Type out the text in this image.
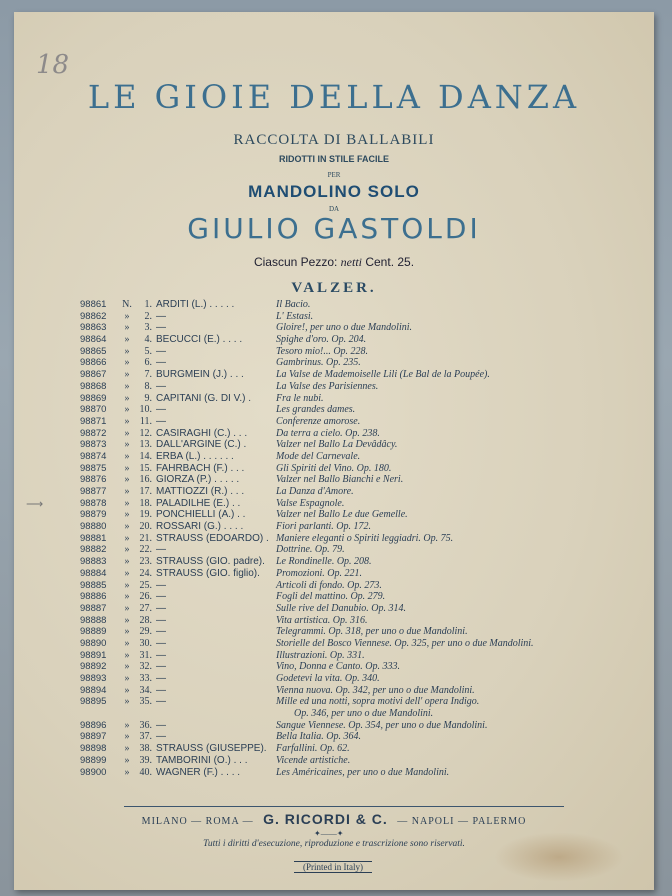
18
LE GIOIE DELLA DANZA
RACCOLTA DI BALLABILI
RIDOTTI IN STILE FACILE
PER
MANDOLINO SOLO
DA
GIULIO GASTOLDI
Ciascun Pezzo: netti Cent. 25.
VALZER.
98861	N.	1. ARDITI (L.) . . . . .	Il Bacio.
98862	»	2. —	L' Estasi.
98863	»	3. —	Gloire!, per uno o due Mandolini.
98864	»	4. BECUCCI (E.) . . . .	Spighe d'oro. Op. 204.
98865	»	5. —	Tesoro mio!... Op. 228.
98866	»	6. —	Gambrinus. Op. 235.
98867	»	7. BURGMEIN (J.) . . .	La Valse de Mademoiselle Lili (Le Bal de la Poupée).
98868	»	8. —	La Valse des Parisiennes.
98869	»	9. CAPITANI (G. DI V.) .	Fra le nubi.
98870	»	10. —	Les grandes dames.
98871	»	11. —	Conferenze amorose.
98872	»	12. CASIRAGHI (C.) . . .	Da terra a cielo. Op. 238.
98873	»	13. DALL'ARGINE (C.) .	Valzer nel Ballo La Devâdâcy.
98874	»	14. ERBA (L.) . . . . . .	Mode del Carnevale.
98875	»	15. FAHRBACH (F.) . . .	Gli Spiriti del Vino. Op. 180.
98876	»	16. GIORZA (P.) . . . . .	Valzer nel Ballo Bianchi e Neri.
98877	»	17. MATTIOZZI (R.) . . .	La Danza d'Amore.
98878	»	18. PALADILHE (E.) . .	Valse Espagnole.
98879	»	19. PONCHIELLI (A.) . .	Valzer nel Ballo Le due Gemelle.
98880	»	20. ROSSARI (G.) . . . .	Fiori parlanti. Op. 172.
98881	»	21. STRAUSS (EDOARDO) . Maniere eleganti o Spiriti leggiadri. Op. 75.
98882	»	22. —	Dottrine. Op. 79.
98883	»	23. STRAUSS (GIO. padre).	Le Rondinelle. Op. 208.
98884	»	24. STRAUSS (GIO. figlio).	Promozioni. Op. 221.
98885	»	25. —	Articoli di fondo. Op. 273.
98886	»	26. —	Fogli del mattino. Op. 279.
98887	»	27. —	Sulle rive del Danubio. Op. 314.
98888	»	28. —	Vita artistica. Op. 316.
98889	»	29. —	Telegrammi. Op. 318, per uno o due Mandolini.
98890	»	30. —	Storielle del Bosco Viennese. Op. 325, per uno o due Mandolini.
98891	»	31. —	Illustrazioni. Op. 331.
98892	»	32. —	Vino, Donna e Canto. Op. 333.
98893	»	33. —	Godetevi la vita. Op. 340.
98894	»	34. —	Vienna nuova. Op. 342, per uno o due Mandolini.
98895	»	35. —	Mille ed una notti, sopra motivi dell' opera Indigo.
Op. 346, per uno o due Mandolini.
98896	»	36. —	Sangue Viennese. Op. 354, per uno o due Mandolini.
98897	»	37. —	Bella Italia. Op. 364.
98898	»	38. STRAUSS (GIUSEPPE). Farfallini. Op. 62.
98899	»	39. TAMBORINI (O.) . . .	Vicende artistiche.
98900	»	40. WAGNER (F.) . . . .	Les Américaines, per uno o due Mandolini.
MILANO — ROMA — G. RICORDI & C. — NAPOLI — PALERMO
✦——✦
Tutti i diritti d'esecuzione, riproduzione e trascrizione sono riservati.
(Printed in Italy)
⟶
